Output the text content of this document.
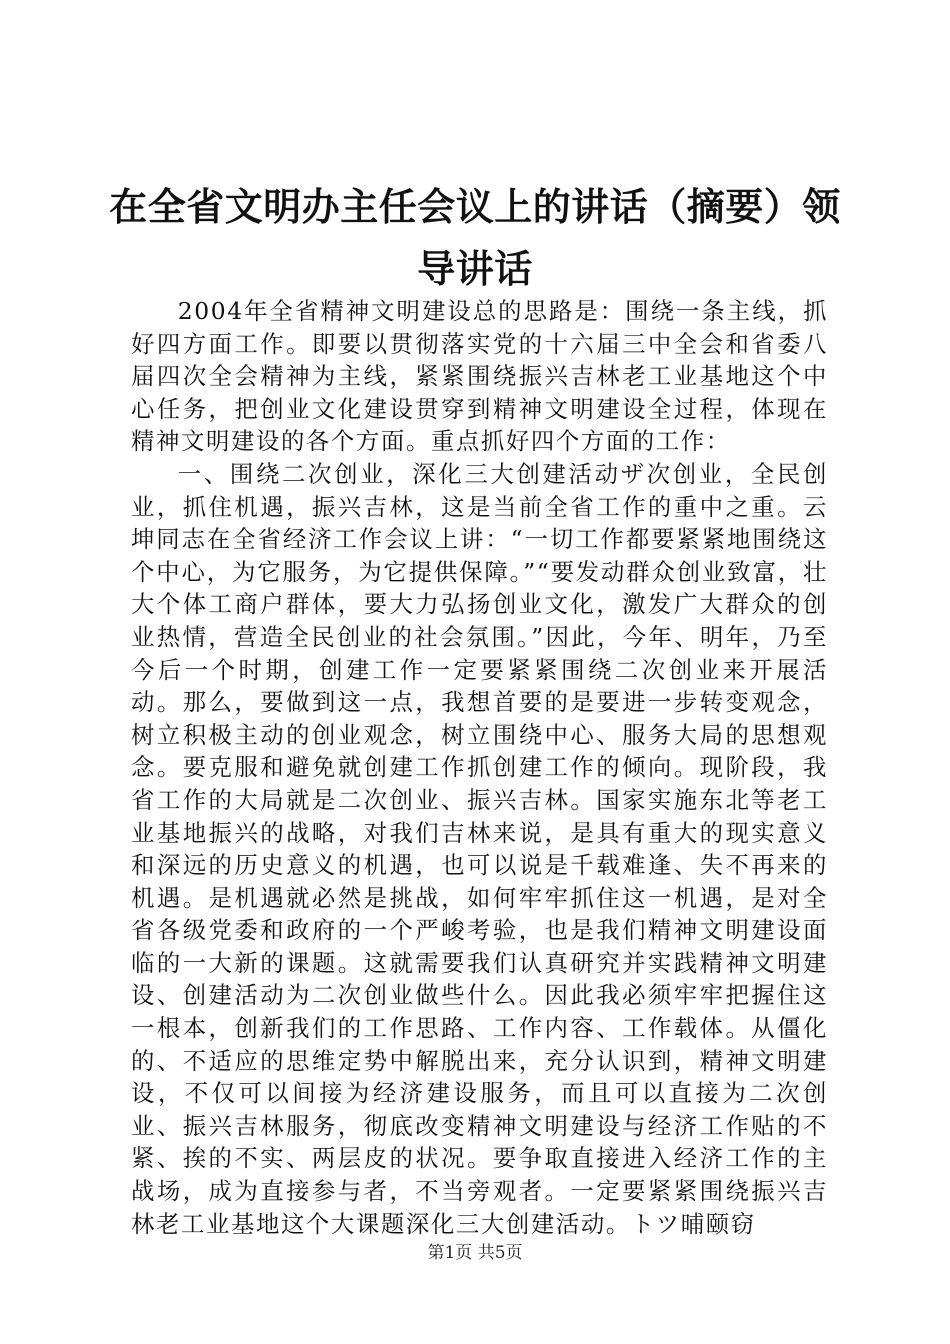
在全省文明办主任会议上的讲话（摘要）领导讲话

2004年全省精神文明建设总的思路是：围绕一条主线，抓好四方面工作。即要以贯彻落实党的十六届三中全会和省委八届四次全会精神为主线，紧紧围绕振兴吉林老工业基地这个中心任务，把创业文化建设贯穿到精神文明建设全过程，体现在精神文明建设的各个方面。重点抓好四个方面的工作：

一、围绕二次创业，深化三大创建活动ザ次创业，全民创业，抓住机遇，振兴吉林，这是当前全省工作的重中之重。云坤同志在全省经济工作会议上讲：“一切工作都要紧紧地围绕这个中心，为它服务，为它提供保障。”“要发动群众创业致富，壮大个体工商户群体，要大力弘扬创业文化，激发广大群众的创业热情，营造全民创业的社会氛围。”因此，今年、明年，乃至今后一个时期，创建工作一定要紧紧围绕二次创业来开展活动。那么，要做到这一点，我想首要的是要进一步转变观念，树立积极主动的创业观念，树立围绕中心、服务大局的思想观念。要克服和避免就创建工作抓创建工作的倾向。现阶段，我省工作的大局就是二次创业、振兴吉林。国家实施东北等老工业基地振兴的战略，对我们吉林来说，是具有重大的现实意义和深远的历史意义的机遇，也可以说是千载难逢、失不再来的机遇。是机遇就必然是挑战，如何牢牢抓住这一机遇，是对全省各级党委和政府的一个严峻考验，也是我们精神文明建设面临的一大新的课题。这就需要我们认真研究并实践精神文明建设、创建活动为二次创业做些什么。因此我必须牢牢把握住这一根本，创新我们的工作思路、工作内容、工作载体。从僵化的、不适应的思维定势中解脱出来，充分认识到，精神文明建设，不仅可以间接为经济建设服务，而且可以直接为二次创业、振兴吉林服务，彻底改变精神文明建设与经济工作贴的不紧、挨的不实、两层皮的状况。要争取直接进入经济工作的主战场，成为直接参与者，不当旁观者。一定要紧紧围绕振兴吉林老工业基地这个大课题深化三大创建活动。トツ晡颐窃

第1页 共5页
